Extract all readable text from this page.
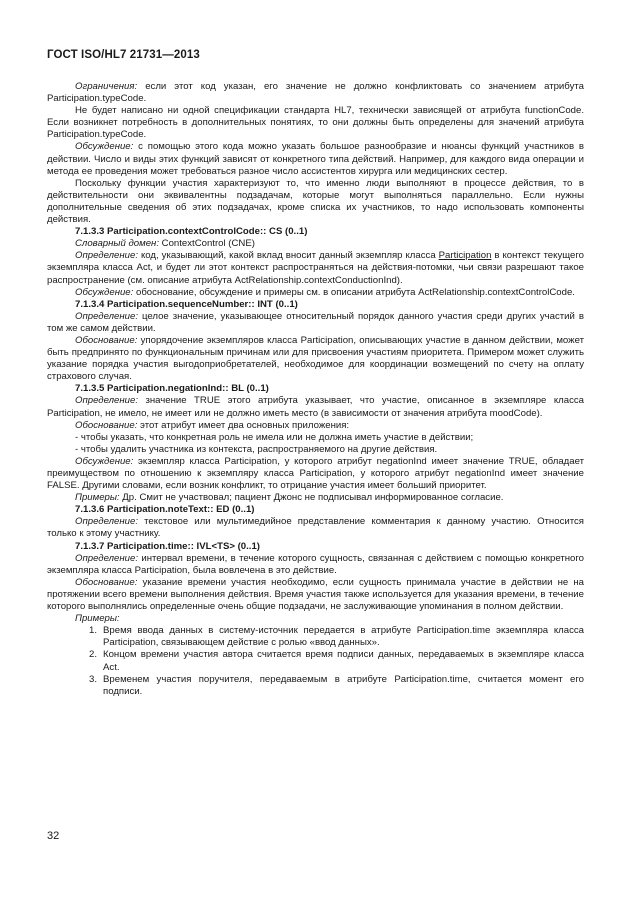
ГОСТ ISO/HL7 21731—2013

Ограничения: если этот код указан, его значение не должно конфликтовать со значением атрибута Participation.typeCode.

Не будет написано ни одной спецификации стандарта HL7, технически зависящей от атрибута functionCode. Если возникнет потребность в дополнительных понятиях, то они должны быть определены для значений атрибута Participation.typeCode.

Обсуждение: с помощью этого кода можно указать большое разнообразие и нюансы функций участников в действии. Число и виды этих функций зависят от конкретного типа действий. Например, для каждого вида операции и метода ее проведения может требоваться разное число ассистентов хирурга или медицинских сестер.

Поскольку функции участия характеризуют то, что именно люди выполняют в процессе действия, то в действительности они эквивалентны подзадачам, которые могут выполняться параллельно. Если нужны дополнительные сведения об этих подзадачах, кроме списка их участников, то надо использовать компоненты действия.

7.1.3.3 Participation.contextControlCode:: CS (0..1)

Словарный домен: ContextControl (CNE)

Определение: код, указывающий, какой вклад вносит данный экземпляр класса Participation в контекст текущего экземпляра класса Act, и будет ли этот контекст распространяться на действия-потомки, чьи связи разрешают такое распространение (см. описание атрибута ActRelationship.contextConductionInd).

Обсуждение: обоснование, обсуждение и примеры см. в описании атрибута ActRelationship.contextControlCode.

7.1.3.4 Participation.sequenceNumber:: INT (0..1)

Определение: целое значение, указывающее относительный порядок данного участия среди других участий в том же самом действии.

Обоснование: упорядочение экземпляров класса Participation, описывающих участие в данном действии, может быть предпринято по функциональным причинам или для присвоения участиям приоритета. Примером может служить указание порядка участия выгодоприобретателей, необходимое для координации возмещений по счету на оплату страхового случая.

7.1.3.5 Participation.negationInd:: BL (0..1)

Определение: значение TRUE этого атрибута указывает, что участие, описанное в экземпляре класса Participation, не имело, не имеет или не должно иметь место (в зависимости от значения атрибута moodCode).

Обоснование: этот атрибут имеет два основных приложения:

- чтобы указать, что конкретная роль не имела или не должна иметь участие в действии;

- чтобы удалить участника из контекста, распространяемого на другие действия.

Обсуждение: экземпляр класса Participation, у которого атрибут negationInd имеет значение TRUE, обладает преимуществом по отношению к экземпляру класса Participation, у которого атрибут negationInd имеет значение FALSE. Другими словами, если возник конфликт, то отрицание участия имеет больший приоритет.

Примеры: Др. Смит не участвовал; пациент Джонс не подписывал информированное согласие.

7.1.3.6 Participation.noteText:: ED (0..1)

Определение: текстовое или мультимедийное представление комментария к данному участию. Относится только к этому участнику.

7.1.3.7 Participation.time:: IVL<TS> (0..1)

Определение: интервал времени, в течение которого сущность, связанная с действием с помощью конкретного экземпляра класса Participation, была вовлечена в это действие.

Обоснование: указание времени участия необходимо, если сущность принимала участие в действии не на протяжении всего времени выполнения действия. Время участия также используется для указания времени, в течение которого выполнялись определенные очень общие подзадачи, не заслуживающие упоминания в полном действии.

Примеры:

1. Время ввода данных в систему-источник передается в атрибуте Participation.time экземпляра класса Participation, связывающем действие с ролью «ввод данных».
2. Концом времени участия автора считается время подписи данных, передаваемых в экземпляре класса Act.
3. Временем участия поручителя, передаваемым в атрибуте Participation.time, считается момент его подписи.
32
